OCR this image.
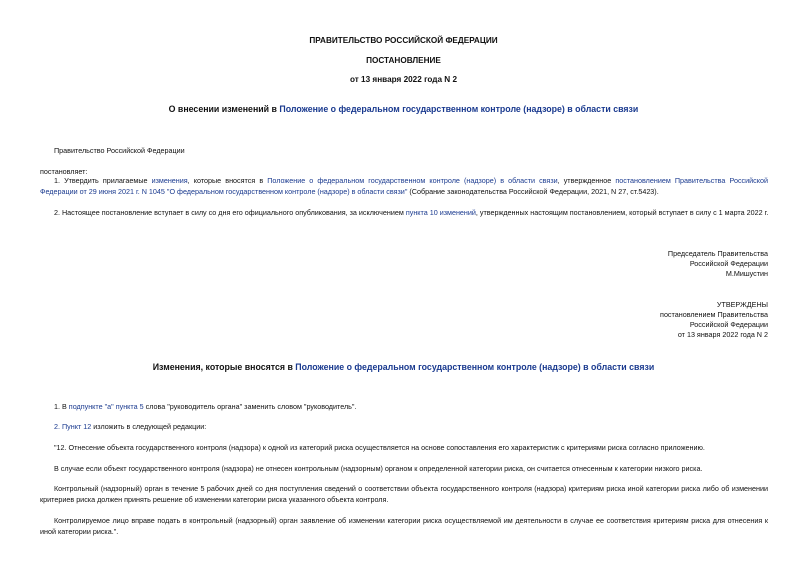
ПРАВИТЕЛЬСТВО РОССИЙСКОЙ ФЕДЕРАЦИИ
ПОСТАНОВЛЕНИЕ
от 13 января 2022 года N 2
О внесении изменений в Положение о федеральном государственном контроле (надзоре) в области связи
Правительство Российской Федерации
постановляет:
1. Утвердить прилагаемые изменения, которые вносятся в Положение о федеральном государственном контроле (надзоре) в области связи, утвержденное постановлением Правительства Российской Федерации от 29 июня 2021 г. N 1045 "О федеральном государственном контроле (надзоре) в области связи" (Собрание законодательства Российской Федерации, 2021, N 27, ст.5423).
2. Настоящее постановление вступает в силу со дня его официального опубликования, за исключением пункта 10 изменений, утвержденных настоящим постановлением, который вступает в силу с 1 марта 2022 г.
Председатель Правительства
Российской Федерации
М.Мишустин
УТВЕРЖДЕНЫ
постановлением Правительства
Российской Федерации
от 13 января 2022 года N 2
Изменения, которые вносятся в Положение о федеральном государственном контроле (надзоре) в области связи
1. В подпункте "а" пункта 5 слова "руководитель органа" заменить словом "руководитель".
2. Пункт 12 изложить в следующей редакции:
"12. Отнесение объекта государственного контроля (надзора) к одной из категорий риска осуществляется на основе сопоставления его характеристик с критериями риска согласно приложению.
В случае если объект государственного контроля (надзора) не отнесен контрольным (надзорным) органом к определенной категории риска, он считается отнесенным к категории низкого риска.
Контрольный (надзорный) орган в течение 5 рабочих дней со дня поступления сведений о соответствии объекта государственного контроля (надзора) критериям риска иной категории риска либо об изменении критериев риска должен принять решение об изменении категории риска указанного объекта контроля.
Контролируемое лицо вправе подать в контрольный (надзорный) орган заявление об изменении категории риска осуществляемой им деятельности в случае ее соответствия критериям риска для отнесения к иной категории риска.".
